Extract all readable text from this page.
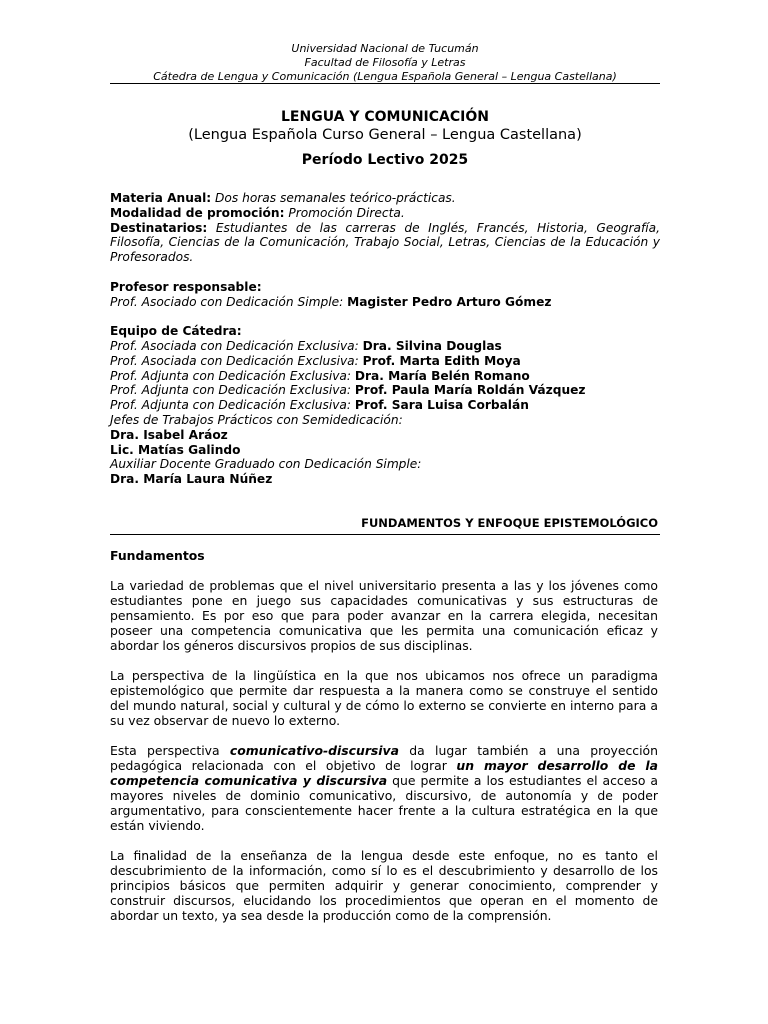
Universidad Nacional de Tucumán
Facultad de Filosofía y Letras
Cátedra de Lengua y Comunicación (Lengua Española General – Lengua Castellana)
LENGUA Y COMUNICACIÓN
(Lengua Española Curso General – Lengua Castellana)
Período Lectivo 2025

Materia Anual: Dos horas semanales teórico-prácticas.

Modalidad de promoción: Promoción Directa.

Destinatarios: Estudiantes de las carreras de Inglés, Francés, Historia, Geografía, Filosofía, Ciencias de la Comunicación, Trabajo Social, Letras, Ciencias de la Educación y Profesorados.

Profesor responsable:

Prof. Asociado con Dedicación Simple: Magister Pedro Arturo Gómez

Equipo de Cátedra:

Prof. Asociada con Dedicación Exclusiva: Dra. Silvina Douglas

Prof. Asociada con Dedicación Exclusiva: Prof. Marta Edith Moya

Prof. Adjunta con Dedicación Exclusiva: Dra. María Belén Romano

Prof. Adjunta con Dedicación Exclusiva: Prof. Paula María Roldán Vázquez

Prof. Adjunta con Dedicación Exclusiva: Prof. Sara Luisa Corbalán

Jefes de Trabajos Prácticos con Semidedicación:

Dra. Isabel Aráoz

Lic. Matías Galindo

Auxiliar Docente Graduado con Dedicación Simple:

Dra. María Laura Núñez

FUNDAMENTOS Y ENFOQUE EPISTEMOLÓGICO
Fundamentos

La variedad de problemas que el nivel universitario presenta a las y los jóvenes como estudiantes pone en juego sus capacidades comunicativas y sus estructuras de pensamiento. Es por eso que para poder avanzar en la carrera elegida, necesitan poseer una competencia comunicativa que les permita una comunicación eficaz y abordar los géneros discursivos propios de sus disciplinas.

La perspectiva de la lingüística en la que nos ubicamos nos ofrece un paradigma epistemológico que permite dar respuesta a la manera como se construye el sentido del mundo natural, social y cultural y de cómo lo externo se convierte en interno para a su vez observar de nuevo lo externo.

Esta perspectiva comunicativo-discursiva da lugar también a una proyección pedagógica relacionada con el objetivo de lograr un mayor desarrollo de la competencia comunicativa y discursiva que permite a los estudiantes el acceso a mayores niveles de dominio comunicativo, discursivo, de autonomía y de poder argumentativo, para conscientemente hacer frente a la cultura estratégica en la que están viviendo.

La finalidad de la enseñanza de la lengua desde este enfoque, no es tanto el descubrimiento de la información, como sí lo es el descubrimiento y desarrollo de los principios básicos que permiten adquirir y generar conocimiento, comprender y construir discursos, elucidando los procedimientos que operan en el momento de abordar un texto, ya sea desde la producción como de la comprensión.
